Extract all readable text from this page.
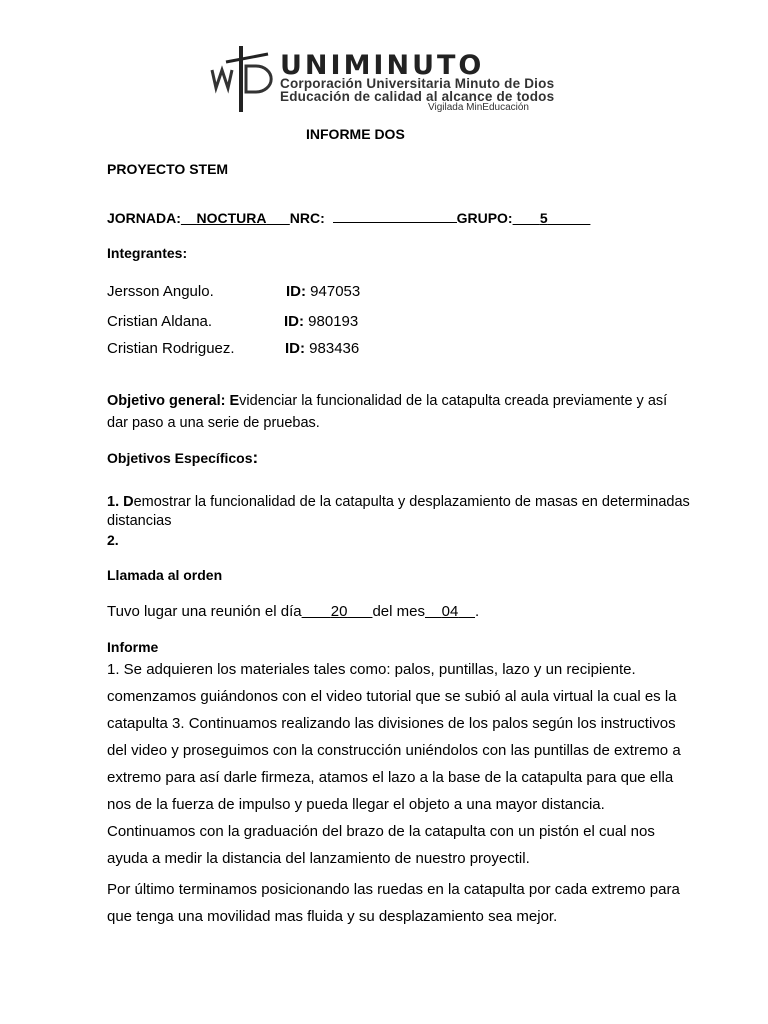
UNIMINUTO
Corporación Universitaria Minuto de Dios
Educación de calidad al alcance de todos
Vigilada MinEducación
INFORME DOS
PROYECTO STEM
JORNADA: NOCTURA NRC:	GRUPO: 5
Integrantes:
Jersson Angulo.	ID: 947053
Cristian Aldana.	ID: 980193
Cristian Rodriguez.	ID: 983436
Objetivo general: Evidenciar la funcionalidad de la catapulta creada previamente y así dar paso a una serie de pruebas.
Objetivos Específicos:
1. Demostrar la funcionalidad de la catapulta y desplazamiento de masas en determinadas distancias
2.
Llamada al orden
Tuvo lugar una reunión el día 20 del mes 04 .
Informe
1. Se adquieren los materiales tales como: palos, puntillas, lazo y un recipiente. comenzamos guiándonos con el video tutorial que se subió al aula virtual la cual es la catapulta 3. Continuamos realizando las divisiones de los palos según los instructivos del video y proseguimos con la construcción uniéndolos con las puntillas de extremo a extremo para así darle firmeza, atamos el lazo a la base de la catapulta para que ella nos de la fuerza de impulso y pueda llegar el objeto a una mayor distancia. Continuamos con la graduación del brazo de la catapulta con un pistón el cual nos ayuda a medir la distancia del lanzamiento de nuestro proyectil.
Por último terminamos posicionando las ruedas en la catapulta por cada extremo para que tenga una movilidad mas fluida y su desplazamiento sea mejor.
